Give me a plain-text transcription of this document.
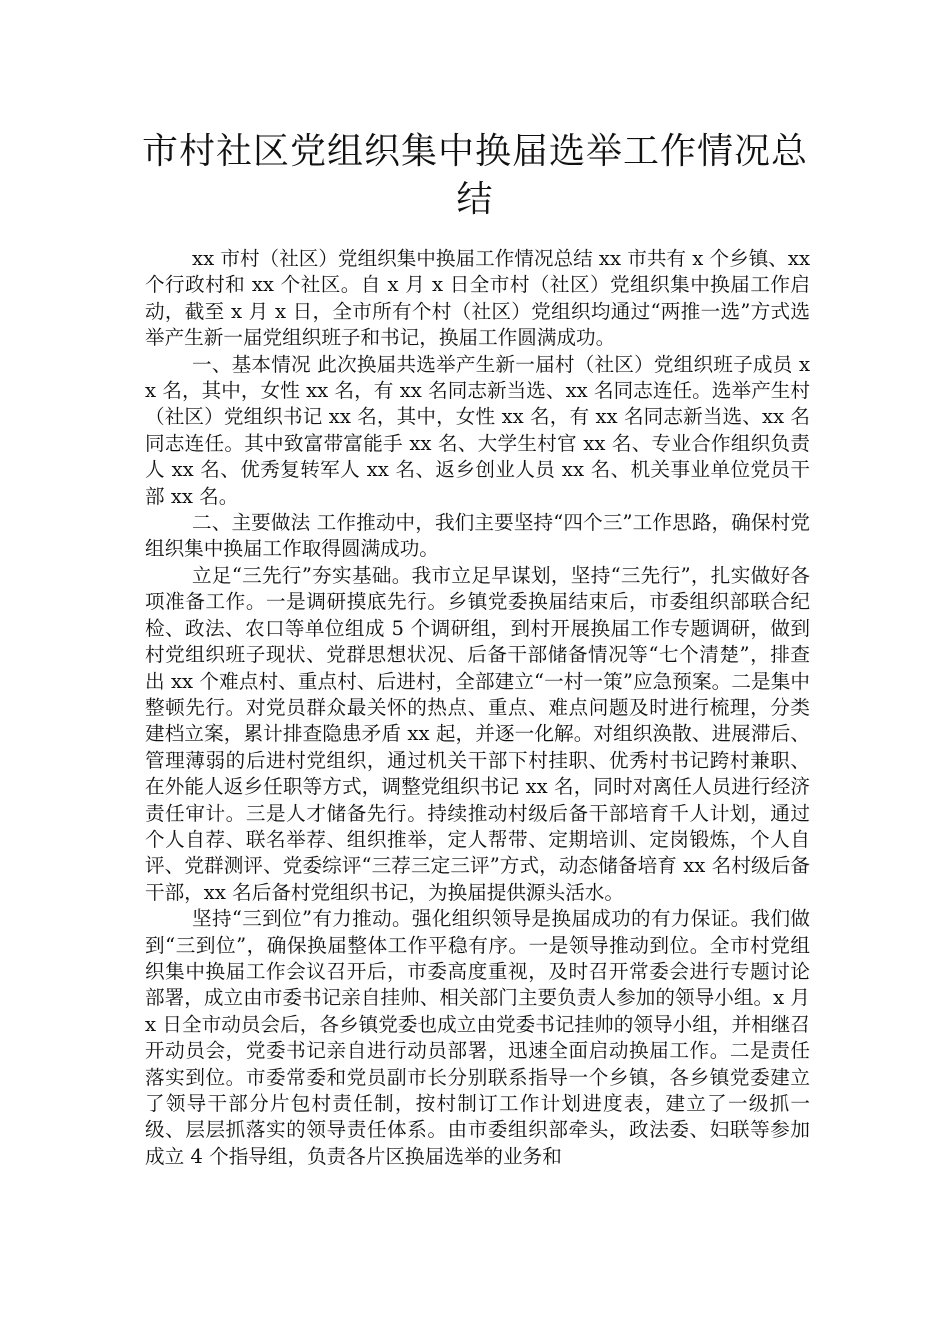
市村社区党组织集中换届选举工作情况总
结

xx 市村（社区）党组织集中换届工作情况总结 xx 市共有 x 个乡镇、xx 个行政村和 xx 个社区。自 x 月 x 日全市村（社区）党组织集中换届工作启动，截至 x 月 x 日，全市所有个村（社区）党组织均通过“两推一选”方式选举产生新一届党组织班子和书记，换届工作圆满成功。

一、基本情况 此次换届共选举产生新一届村（社区）党组织班子成员 xx 名，其中，女性 xx 名，有 xx 名同志新当选、xx 名同志连任。选举产生村（社区）党组织书记 xx 名，其中，女性 xx 名，有 xx 名同志新当选、xx 名同志连任。其中致富带富能手 xx 名、大学生村官 xx 名、专业合作组织负责人 xx 名、优秀复转军人 xx 名、返乡创业人员 xx 名、机关事业单位党员干部 xx 名。

二、主要做法 工作推动中，我们主要坚持“四个三”工作思路，确保村党组织集中换届工作取得圆满成功。

立足“三先行”夯实基础。我市立足早谋划，坚持“三先行”，扎实做好各项准备工作。一是调研摸底先行。乡镇党委换届结束后，市委组织部联合纪检、政法、农口等单位组成 5 个调研组，到村开展换届工作专题调研，做到村党组织班子现状、党群思想状况、后备干部储备情况等“七个清楚”，排查出 xx 个难点村、重点村、后进村，全部建立“一村一策”应急预案。二是集中整顿先行。对党员群众最关怀的热点、重点、难点问题及时进行梳理，分类建档立案，累计排查隐患矛盾 xx 起，并逐一化解。对组织涣散、进展滞后、管理薄弱的后进村党组织，通过机关干部下村挂职、优秀村书记跨村兼职、在外能人返乡任职等方式，调整党组织书记 xx 名，同时对离任人员进行经济责任审计。三是人才储备先行。持续推动村级后备干部培育千人计划，通过个人自荐、联名举荐、组织推举，定人帮带、定期培训、定岗锻炼，个人自评、党群测评、党委综评“三荐三定三评”方式，动态储备培育 xx 名村级后备干部，xx 名后备村党组织书记，为换届提供源头活水。

坚持“三到位”有力推动。强化组织领导是换届成功的有力保证。我们做到“三到位”，确保换届整体工作平稳有序。一是领导推动到位。全市村党组织集中换届工作会议召开后，市委高度重视，及时召开常委会进行专题讨论部署，成立由市委书记亲自挂帅、相关部门主要负责人参加的领导小组。x 月 x 日全市动员会后，各乡镇党委也成立由党委书记挂帅的领导小组，并相继召开动员会，党委书记亲自进行动员部署，迅速全面启动换届工作。二是责任落实到位。市委常委和党员副市长分别联系指导一个乡镇，各乡镇党委建立了领导干部分片包村责任制，按村制订工作计划进度表，建立了一级抓一级、层层抓落实的领导责任体系。由市委组织部牵头，政法委、妇联等参加成立 4 个指导组，负责各片区换届选举的业务和
